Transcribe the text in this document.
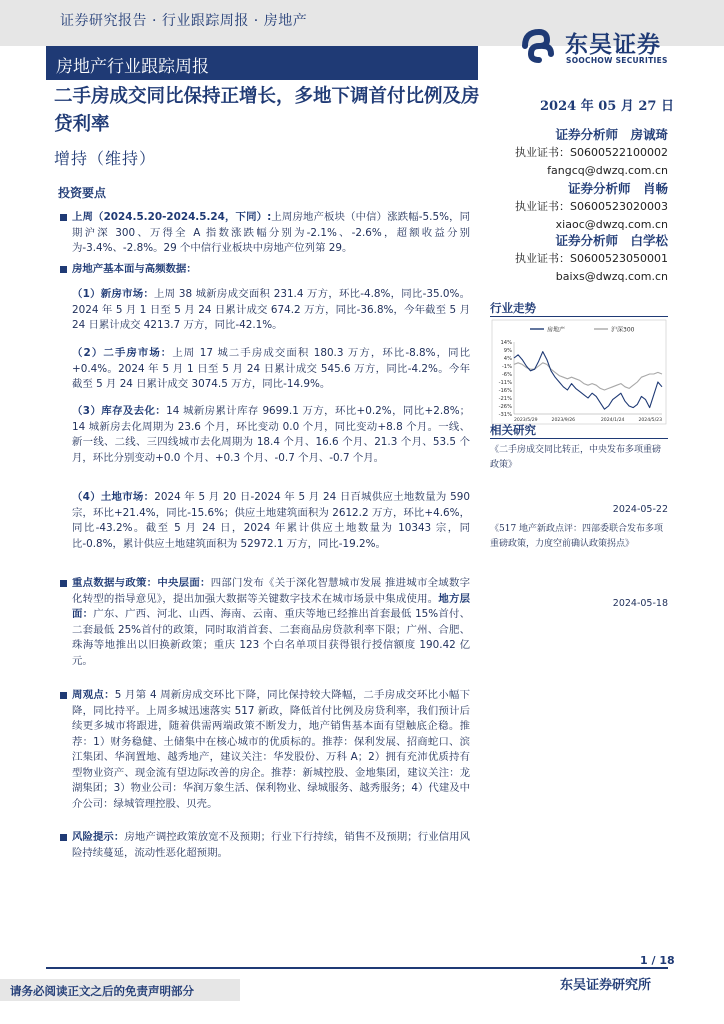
证券研究报告 · 行业跟踪周报 · 房地产
房地产行业跟踪周报
东吴证券
SOOCHOW SECURITIES
二手房成交同比保持正增长，多地下调首付比例及房贷利率
增持（维持）
2024 年 05 月 27 日
证券分析师　房诚琦
执业证书：S0600522100002
fangcq@dwzq.com.cn
证券分析师　肖畅
执业证书：S0600523020003
xiaoc@dwzq.com.cn
证券分析师　白学松
执业证书：S0600523050001
baixs@dwzq.com.cn
投资要点
上周（2024.5.20-2024.5.24，下同）:上周房地产板块（中信）涨跌幅-5.5%，同期沪深 300、万得全 A 指数涨跌幅分别为-2.1%、-2.6%，超额收益分别为-3.4%、-2.8%。29 个中信行业板块中房地产位列第 29。
房地产基本面与高频数据：
（1）新房市场：上周 38 城新房成交面积 231.4 万方，环比-4.8%，同比-35.0%。2024 年 5 月 1 日至 5 月 24 日累计成交 674.2 万方，同比-36.8%，今年截至 5 月 24 日累计成交 4213.7 万方，同比-42.1%。
（2）二手房市场：上周 17 城二手房成交面积 180.3 万方，环比-8.8%，同比+0.4%。2024 年 5 月 1 日至 5 月 24 日累计成交 545.6 万方，同比-4.2%。今年截至 5 月 24 日累计成交 3074.5 万方，同比-14.9%。
（3）库存及去化：14 城新房累计库存 9699.1 万方，环比+0.2%，同比+2.8%；14 城新房去化周期为 23.6 个月，环比变动 0.0 个月，同比变动+8.8 个月。一线、新一线、二线、三四线城市去化周期为 18.4 个月、16.6 个月、21.3 个月、53.5 个月，环比分别变动+0.0 个月、+0.3 个月、-0.7 个月、-0.7 个月。
（4）土地市场：2024 年 5 月 20 日-2024 年 5 月 24 日百城供应土地数量为 590 宗，环比+21.4%，同比-15.6%；供应土地建筑面积为 2612.2 万方，环比+4.6%，同比-43.2%。截至 5 月 24 日，2024 年累计供应土地数量为 10343 宗，同比-0.8%，累计供应土地建筑面积为 52972.1 万方，同比-19.2%。
重点数据与政策：中央层面：四部门发布《关于深化智慧城市发展 推进城市全域数字化转型的指导意见》，提出加强大数据等关键数字技术在城市场景中集成使用。地方层面：广东、广西、河北、山西、海南、云南、重庆等地已经推出首套最低 15%首付、二套最低 25%首付的政策，同时取消首套、二套商品房贷款利率下限；广州、合肥、珠海等地推出以旧换新政策；重庆 123 个白名单项目获得银行授信额度 190.42 亿元。
周观点：5 月第 4 周新房成交环比下降，同比保持较大降幅，二手房成交环比小幅下降，同比持平。上周多城迅速落实 517 新政，降低首付比例及房贷利率，我们预计后续更多城市将跟进，随着供需两端政策不断发力，地产销售基本面有望触底企稳。推荐：1）财务稳健、土储集中在核心城市的优质标的。推荐：保利发展、招商蛇口、滨江集团、华润置地、越秀地产，建议关注：华发股份、万科 A；2）拥有充沛优质持有型物业资产、现金流有望边际改善的房企。推荐：新城控股、金地集团，建议关注：龙湖集团；3）物业公司：华润万象生活、保利物业、绿城服务、越秀服务；4）代建及中介公司：绿城管理控股、贝壳。
风险提示：房地产调控政策放宽不及预期；行业下行持续，销售不及预期；行业信用风险持续蔓延，流动性恶化超预期。
行业走势
房地产	沪深300
14%
9%
4%
-1%
-6%
-11%
-16%
-21%
-26%
-31%
2023/5/29	2023/9/26	2024/1/24	2024/5/23
相关研究
《二手房成交同比转正，中央发布多项重磅政策》
2024-05-22
《517 地产新政点评：四部委联合发布多项重磅政策，力度空前确认政策拐点》
2024-05-18
1 / 18
东吴证券研究所
请务必阅读正文之后的免责声明部分
